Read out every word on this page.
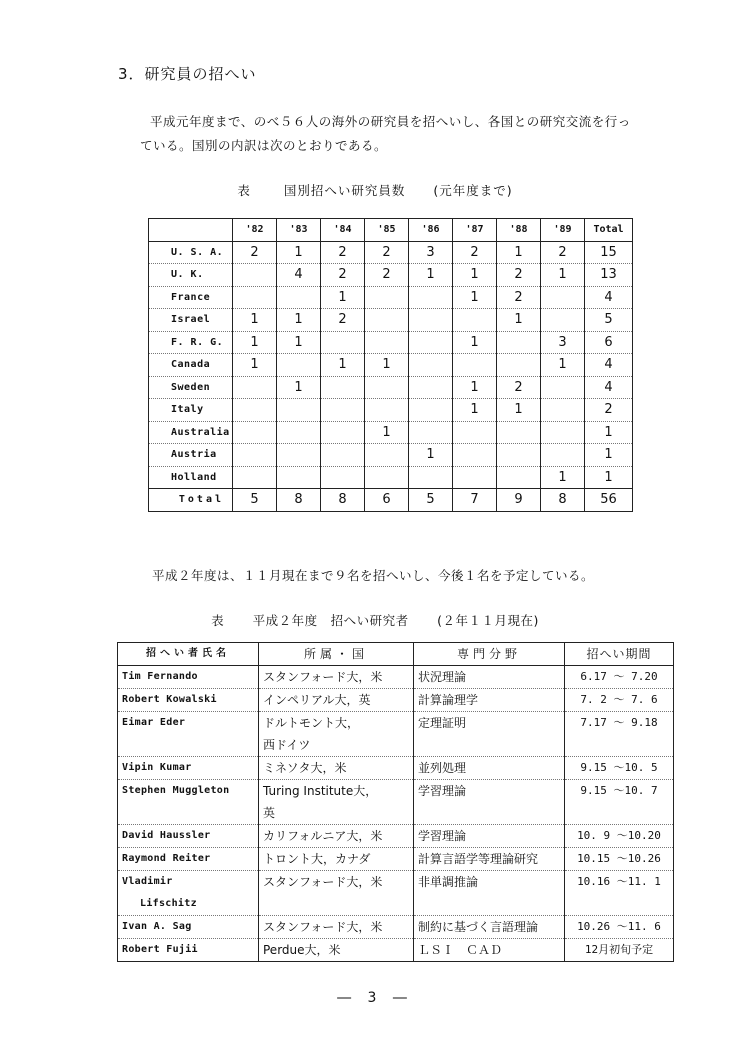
3．研究員の招へい
平成元年度まで、のべ５６人の海外の研究員を招へいし、各国との研究交流を行っ
ている。国別の内訳は次のとおりである。
表	国別招へい研究員数 (元年度まで)
	'82	'83	'84	'85	'86	'87	'88	'89	Total
U. S. A.	2	1	2	2	3	2	1	2	15
U. K.		4	2	2	1	1	2	1	13
France			1			1	2		4
Israel	1	1	2				1		5
F. R. G.	1	1				1		3	6
Canada	1		1	1				1	4
Sweden		1				1	2		4
Italy						1	1		2
Australia				1					1
Austria					1				1
Holland								1	1
Total	5	8	8	6	5	7	9	8	56
平成２年度は、１１月現在まで９名を招へいし、今後１名を予定している。
表 平成２年度　招へい研究者 (２年１１月現在)
招へい者氏名	所属・国	専門分野	招へい期間

Tim Fernando	スタンフォード大，米	状況理論	6.17 ～ 7.20

Robert Kowalski	インペリアル大，英	計算論理学	7. 2 ～ 7. 6

Eimar Eder	ドルトモント大，
西ドイツ	定理証明	7.17 ～ 9.18

Vipin Kumar	ミネソタ大，米	並列処理	9.15 ～10. 5

Stephen Muggleton	Turing Institute大，
英	学習理論	9.15 ～10. 7

David Haussler	カリフォルニア大，米	学習理論	10. 9 ～10.20

Raymond Reiter	トロント大，カナダ	計算言語学等理論研究	10.15 ～10.26

Vladimir
Lifschitz	スタンフォード大，米	非単調推論	10.16 ～11. 1

Ivan A. Sag	スタンフォード大，米	制約に基づく言語理論	10.26 ～11. 6

Robert Fujii	Perdue大，米	ＬＳＩ　ＣＡＤ	12月初旬予定
― 3 ―
